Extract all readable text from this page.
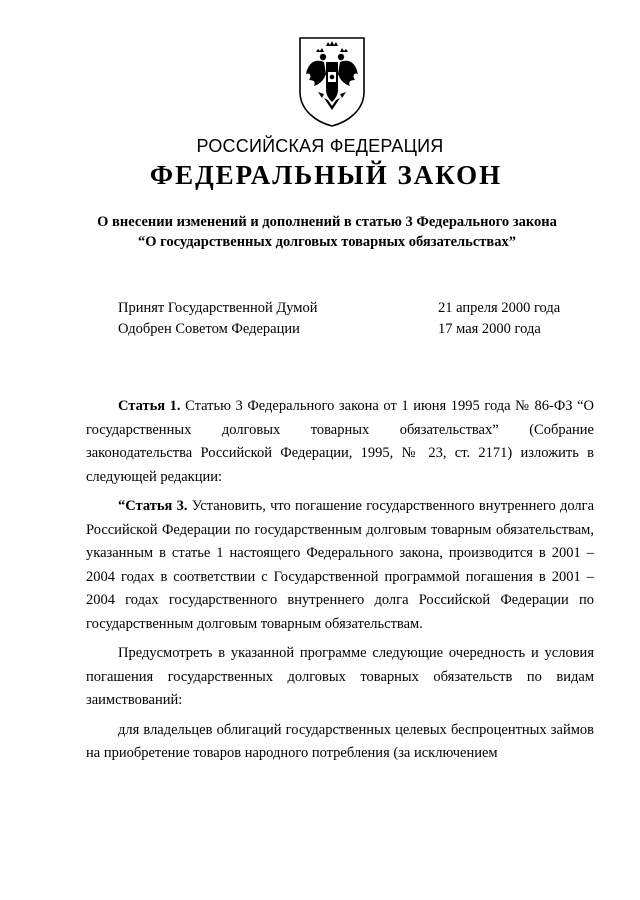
РОССИЙСКАЯ ФЕДЕРАЦИЯ
ФЕДЕРАЛЬНЫЙ ЗАКОН
О внесении изменений и дополнений в статью 3 Федерального закона
“О государственных долговых товарных обязательствах”
Принят Государственной Думой	21 апреля 2000 года
Одобрен Советом Федерации	17 мая 2000 года

Статья 1. Статью 3 Федерального закона от 1 июня 1995 года № 86-ФЗ “О государственных долговых товарных обязательствах” (Собрание законодательства Российской Федерации, 1995, № 23, ст. 2171) изложить в следующей редакции:

“Статья 3. Установить, что погашение государственного внутреннего долга Российской Федерации по государственным долговым товарным обязательствам, указанным в статье 1 настоящего Федерального закона, производится в 2001 – 2004 годах в соответствии с Государственной программой погашения в 2001 – 2004 годах государственного внутреннего долга Российской Федерации по государственным долговым товарным обязательствам.

Предусмотреть в указанной программе следующие очередность и условия погашения государственных долговых товарных обязательств по видам заимствований:

для владельцев облигаций государственных целевых беспроцентных займов на приобретение товаров народного потребления (за исключением
